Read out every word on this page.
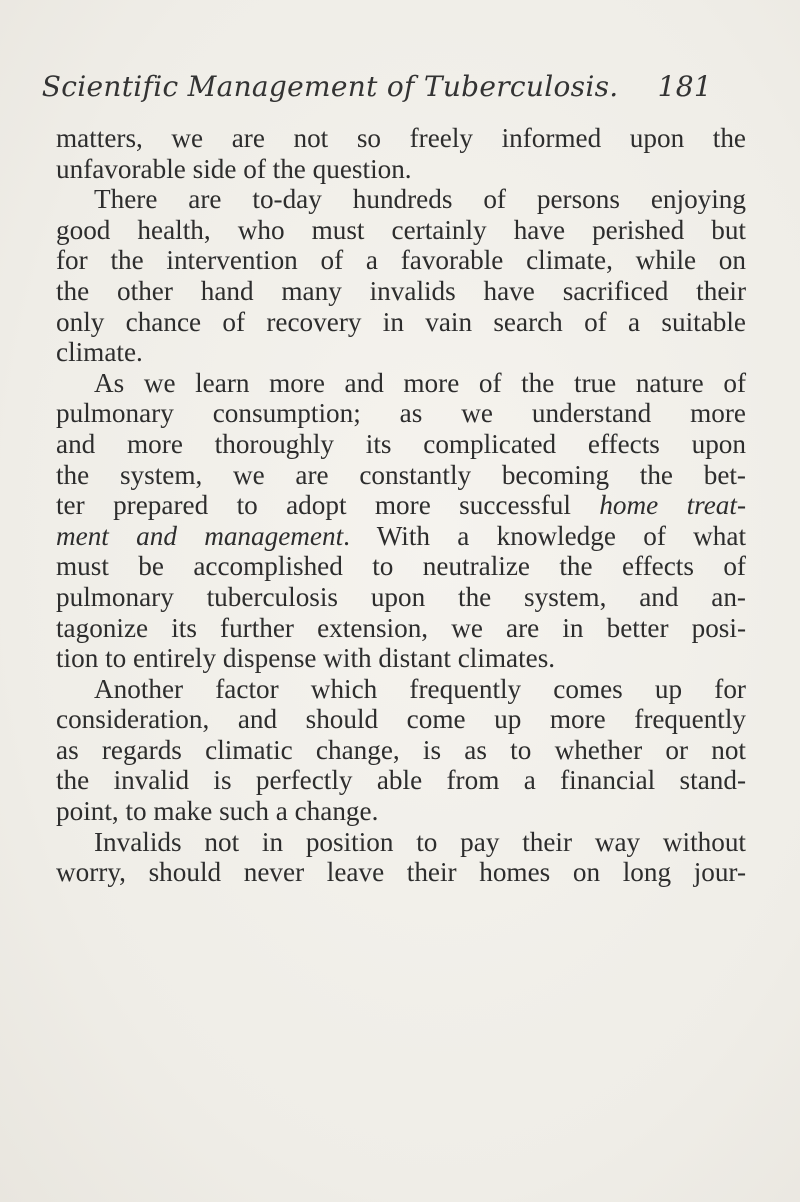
Scientific Management of Tuberculosis. 181
matters, we are not so freely informed upon the
unfavorable side of the question.
There are to-day hundreds of persons enjoying
good health, who must certainly have perished but
for the intervention of a favorable climate, while on
the other hand many invalids have sacrificed their
only chance of recovery in vain search of a suitable
climate.
As we learn more and more of the true nature of
pulmonary consumption; as we understand more
and more thoroughly its complicated effects upon
the system, we are constantly becoming the bet-
ter prepared to adopt more successful home treat-
ment and management. With a knowledge of what
must be accomplished to neutralize the effects of
pulmonary tuberculosis upon the system, and an-
tagonize its further extension, we are in better posi-
tion to entirely dispense with distant climates.
Another factor which frequently comes up for
consideration, and should come up more frequently
as regards climatic change, is as to whether or not
the invalid is perfectly able from a financial stand-
point, to make such a change.
Invalids not in position to pay their way without
worry, should never leave their homes on long jour-
